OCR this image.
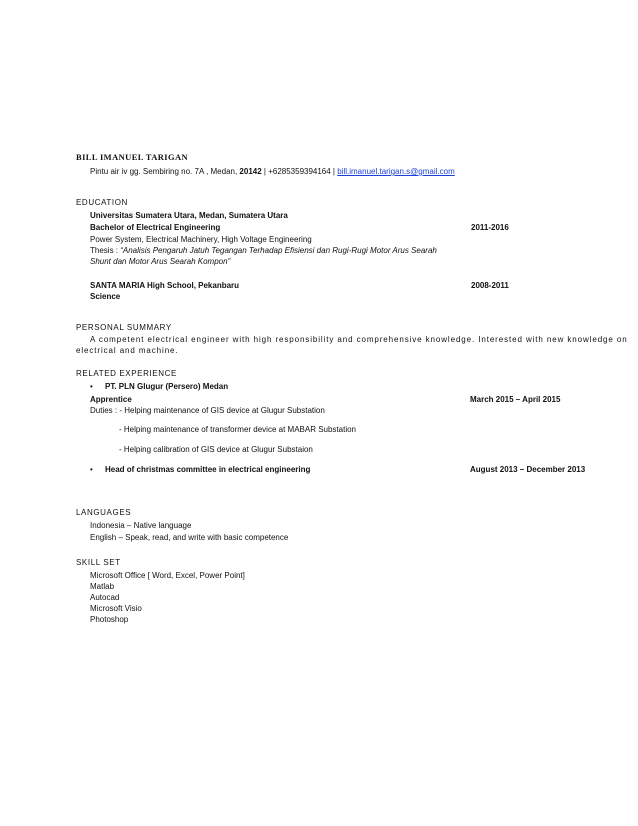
BILL IMANUEL TARIGAN
Pintu air iv gg. Sembiring no. 7A , Medan, 20142 | +6285359394164 | bill.imanuel.tarigan.s@gmail.com
EDUCATION
Universitas Sumatera Utara, Medan, Sumatera Utara
Bachelor of Electrical Engineering	2011-2016
Power System, Electrical Machinery, High Voltage Engineering
Thesis : “Analisis Pengaruh Jatuh Tegangan Terhadap Efisiensi dan Rugi-Rugi Motor Arus Searah
Shunt dan Motor Arus Searah Kompon”
SANTA MARIA High School, Pekanbaru	2008-2011
Science
PERSONAL SUMMARY
A competent electrical engineer with high responsibility and comprehensive knowledge. Interested with new knowledge on
electrical and machine.
RELATED EXPERIENCE
• PT. PLN Glugur (Persero) Medan
Apprentice	March 2015 – April 2015
Duties : - Helping maintenance of GIS device at Glugur Substation
- Helping maintenance of transformer device at MABAR Substation
- Helping calibration of GIS device at Glugur Substaion
• Head of christmas committee in electrical engineering	August 2013 – December 2013
LANGUAGES
Indonesia – Native language
English – Speak, read, and write with basic competence
SKILL SET
Microsoft Office [ Word, Excel, Power Point]
Matlab
Autocad
Microsoft Visio
Photoshop
